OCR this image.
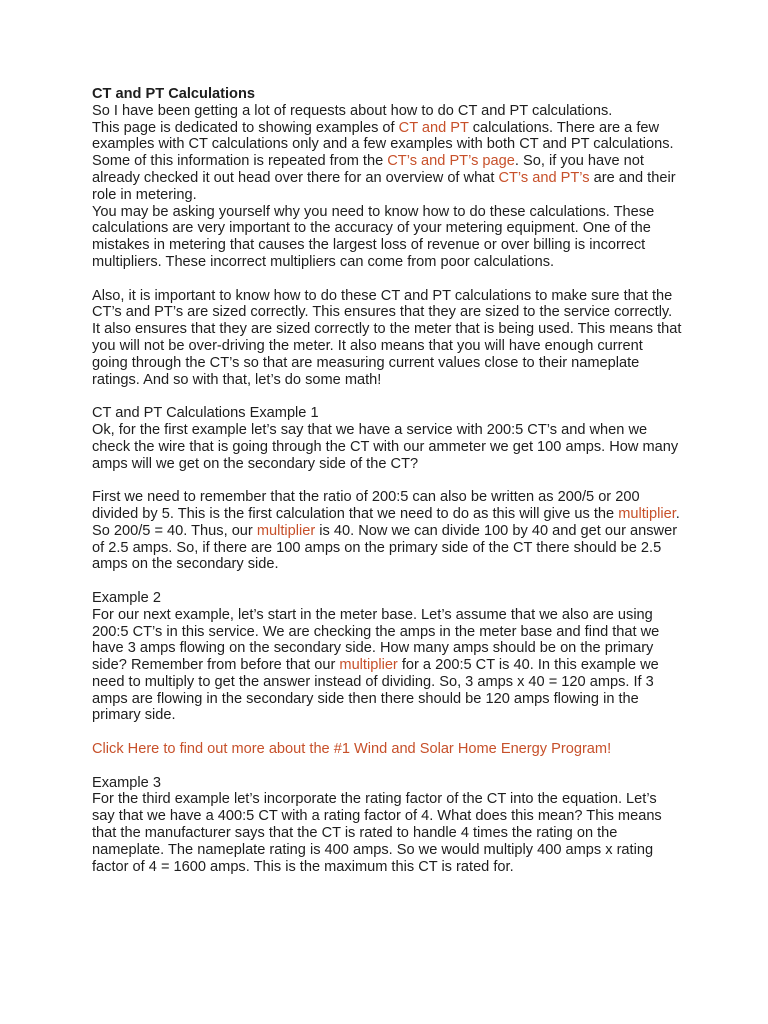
CT and PT Calculations

So I have been getting a lot of requests about how to do CT and PT calculations.

This page is dedicated to showing examples of CT and PT calculations. There are a few examples with CT calculations only and a few examples with both CT and PT calculations. Some of this information is repeated from the CT’s and PT’s page. So, if you have not already checked it out head over there for an overview of what CT’s and PT’s are and their role in metering.

You may be asking yourself why you need to know how to do these calculations. These calculations are very important to the accuracy of your metering equipment. One of the mistakes in metering that causes the largest loss of revenue or over billing is incorrect multipliers. These incorrect multipliers can come from poor calculations.

Also, it is important to know how to do these CT and PT calculations to make sure that the CT’s and PT’s are sized correctly. This ensures that they are sized to the service correctly. It also ensures that they are sized correctly to the meter that is being used. This means that you will not be over-driving the meter. It also means that you will have enough current going through the CT’s so that are measuring current values close to their nameplate ratings. And so with that, let’s do some math!

CT and PT Calculations Example 1

Ok, for the first example let’s say that we have a service with 200:5 CT’s and when we check the wire that is going through the CT with our ammeter we get 100 amps. How many amps will we get on the secondary side of the CT?

First we need to remember that the ratio of 200:5 can also be written as 200/5 or 200 divided by 5. This is the first calculation that we need to do as this will give us the multiplier. So 200/5 = 40. Thus, our multiplier is 40. Now we can divide 100 by 40 and get our answer of 2.5 amps. So, if there are 100 amps on the primary side of the CT there should be 2.5 amps on the secondary side.

Example 2

For our next example, let’s start in the meter base. Let’s assume that we also are using 200:5 CT’s in this service. We are checking the amps in the meter base and find that we have 3 amps flowing on the secondary side. How many amps should be on the primary side? Remember from before that our multiplier for a 200:5 CT is 40. In this example we need to multiply to get the answer instead of dividing. So, 3 amps x 40 = 120 amps. If 3 amps are flowing in the secondary side then there should be 120 amps flowing in the primary side.

Click Here to find out more about the #1 Wind and Solar Home Energy Program!

Example 3

For the third example let’s incorporate the rating factor of the CT into the equation. Let’s say that we have a 400:5 CT with a rating factor of 4. What does this mean? This means that the manufacturer says that the CT is rated to handle 4 times the rating on the nameplate. The nameplate rating is 400 amps. So we would multiply 400 amps x rating factor of 4 = 1600 amps. This is the maximum this CT is rated for.
